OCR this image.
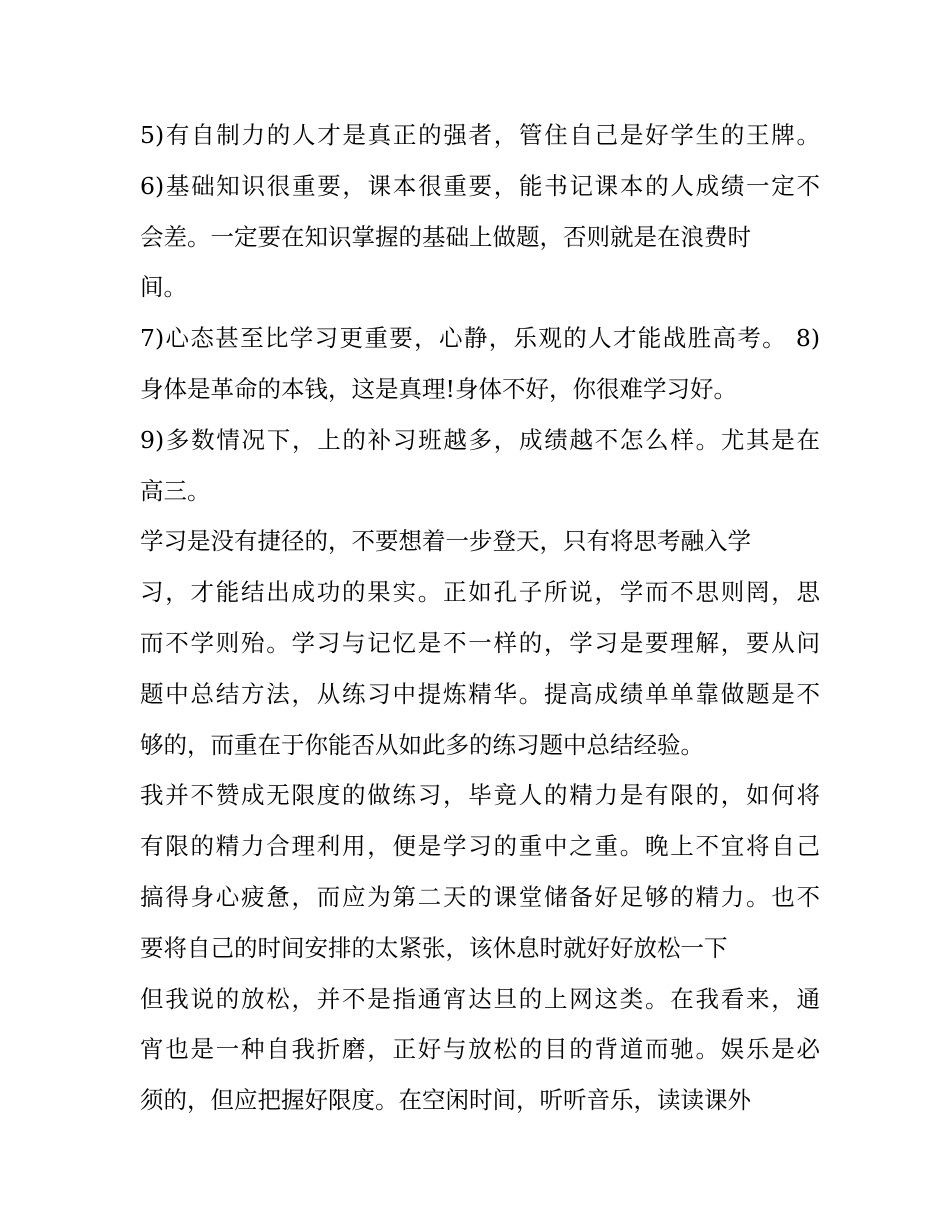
5)有自制力的人才是真正的强者，管住自己是好学生的王牌。
6)基础知识很重要，课本很重要，能书记课本的人成绩一定不
会差。一定要在知识掌握的基础上做题，否则就是在浪费时
间。
7)心态甚至比学习更重要，心静，乐观的人才能战胜高考。 8)
身体是革命的本钱，这是真理!身体不好，你很难学习好。
9)多数情况下，上的补习班越多，成绩越不怎么样。尤其是在
高三。
学习是没有捷径的，不要想着一步登天，只有将思考融入学
习，才能结出成功的果实。正如孔子所说，学而不思则罔，思
而不学则殆。学习与记忆是不一样的，学习是要理解，要从问
题中总结方法，从练习中提炼精华。提高成绩单单靠做题是不
够的，而重在于你能否从如此多的练习题中总结经验。
我并不赞成无限度的做练习，毕竟人的精力是有限的，如何将
有限的精力合理利用，便是学习的重中之重。晚上不宜将自己
搞得身心疲惫，而应为第二天的课堂储备好足够的精力。也不
要将自己的时间安排的太紧张，该休息时就好好放松一下
但我说的放松，并不是指通宵达旦的上网这类。在我看来，通
宵也是一种自我折磨，正好与放松的目的背道而驰。娱乐是必
须的，但应把握好限度。在空闲时间，听听音乐，读读课外
